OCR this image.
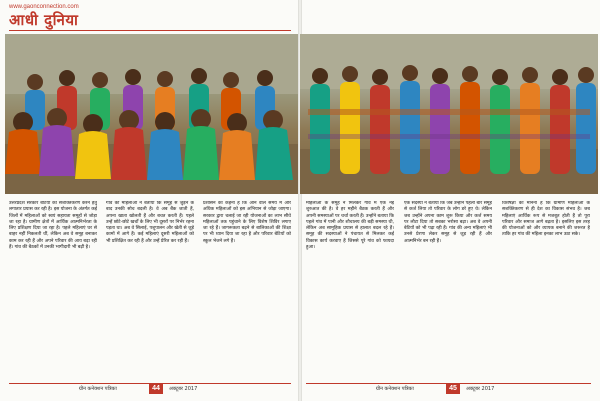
www.gaonconnection.com
आधी दुनिया

उत्तरप्रदेश सरकार बेटियों का सशक्तिकरण करने हेतु लगातार प्रयास कर रही है। इस योजना के अंतर्गत कई जिलों में महिलाओं को स्वयं सहायता समूहों से जोड़ा जा रहा है। ग्रामीण क्षेत्रों में आर्थिक आत्मनिर्भरता के लिए प्रशिक्षण दिया जा रहा है। पहले महिलाएं घर से बाहर नहीं निकलती थीं, लेकिन अब वे समूह बनाकर काम कर रही हैं और अपने परिवार की आय बढ़ा रही हैं। गांव की बैठकों में उनकी भागीदारी भी बढ़ी है।

गांव की महिलाओं ने बताया कि समूह से जुड़ने के बाद उनकी सोच बदली है। वे अब बैंक जाती हैं, अपना खाता खोलती हैं और बचत करती हैं। पहले उन्हें छोटे-छोटे खर्चों के लिए भी दूसरों पर निर्भर रहना पड़ता था। अब वे सिलाई, पशुपालन और खेती से जुड़े कामों में आगे हैं। कई महिलाएं दूसरी महिलाओं को भी प्रशिक्षित कर रही हैं और उन्हें प्रेरित कर रही हैं।

प्रशासन का कहना है कि आने वाले समय में और अधिक महिलाओं को इस अभियान से जोड़ा जाएगा। सरकार द्वारा चलाई जा रही योजनाओं का लाभ सीधे महिलाओं तक पहुंचाने के लिए विशेष शिविर लगाए जा रहे हैं। जागरूकता बढ़ने से बालिकाओं की शिक्षा पर भी ध्यान दिया जा रहा है और परिवार बेटियों को स्कूल भेजने लगे हैं।

ग्रीन कनेक्शन पत्रिका	44	अक्टूबर 2017

महिलाओं के समूह ने मिलकर गांव में एक नई शुरुआत की है। वे हर महीने बैठक करती हैं और अपनी समस्याओं पर चर्चा करती हैं। उन्होंने बताया कि पहले गांव में पानी और शौचालय की बड़ी समस्या थी, लेकिन अब सामूहिक प्रयास से हालात बदल रहे हैं। समूह की सदस्याओं ने पंचायत से मिलकर कई विकास कार्य करवाए हैं जिससे पूरे गांव को फायदा हुआ।

एक सदस्या ने बताया कि जब उन्होंने पहली बार समूह से कर्ज लिया तो परिवार के लोग डरे हुए थे। लेकिन जब उन्होंने अपना काम शुरू किया और कर्ज समय पर लौटा दिया तो सबका भरोसा बढ़ा। अब वे अपनी बेटियों को भी पढ़ा रही हैं। गांव की अन्य महिलाएं भी उनसे प्रेरणा लेकर समूह से जुड़ रही हैं और आत्मनिर्भर बन रही हैं।

विशेषज्ञों का मानना है कि ग्रामीण महिलाओं के सशक्तिकरण से ही देश का विकास संभव है। जब महिलाएं आर्थिक रूप से मजबूत होती हैं तो पूरा परिवार और समाज आगे बढ़ता है। इसलिए इस तरह की योजनाओं को और व्यापक बनाने की जरूरत है ताकि हर गांव की महिला इनका लाभ उठा सके।

ग्रीन कनेक्शन पत्रिका	45	अक्टूबर 2017
